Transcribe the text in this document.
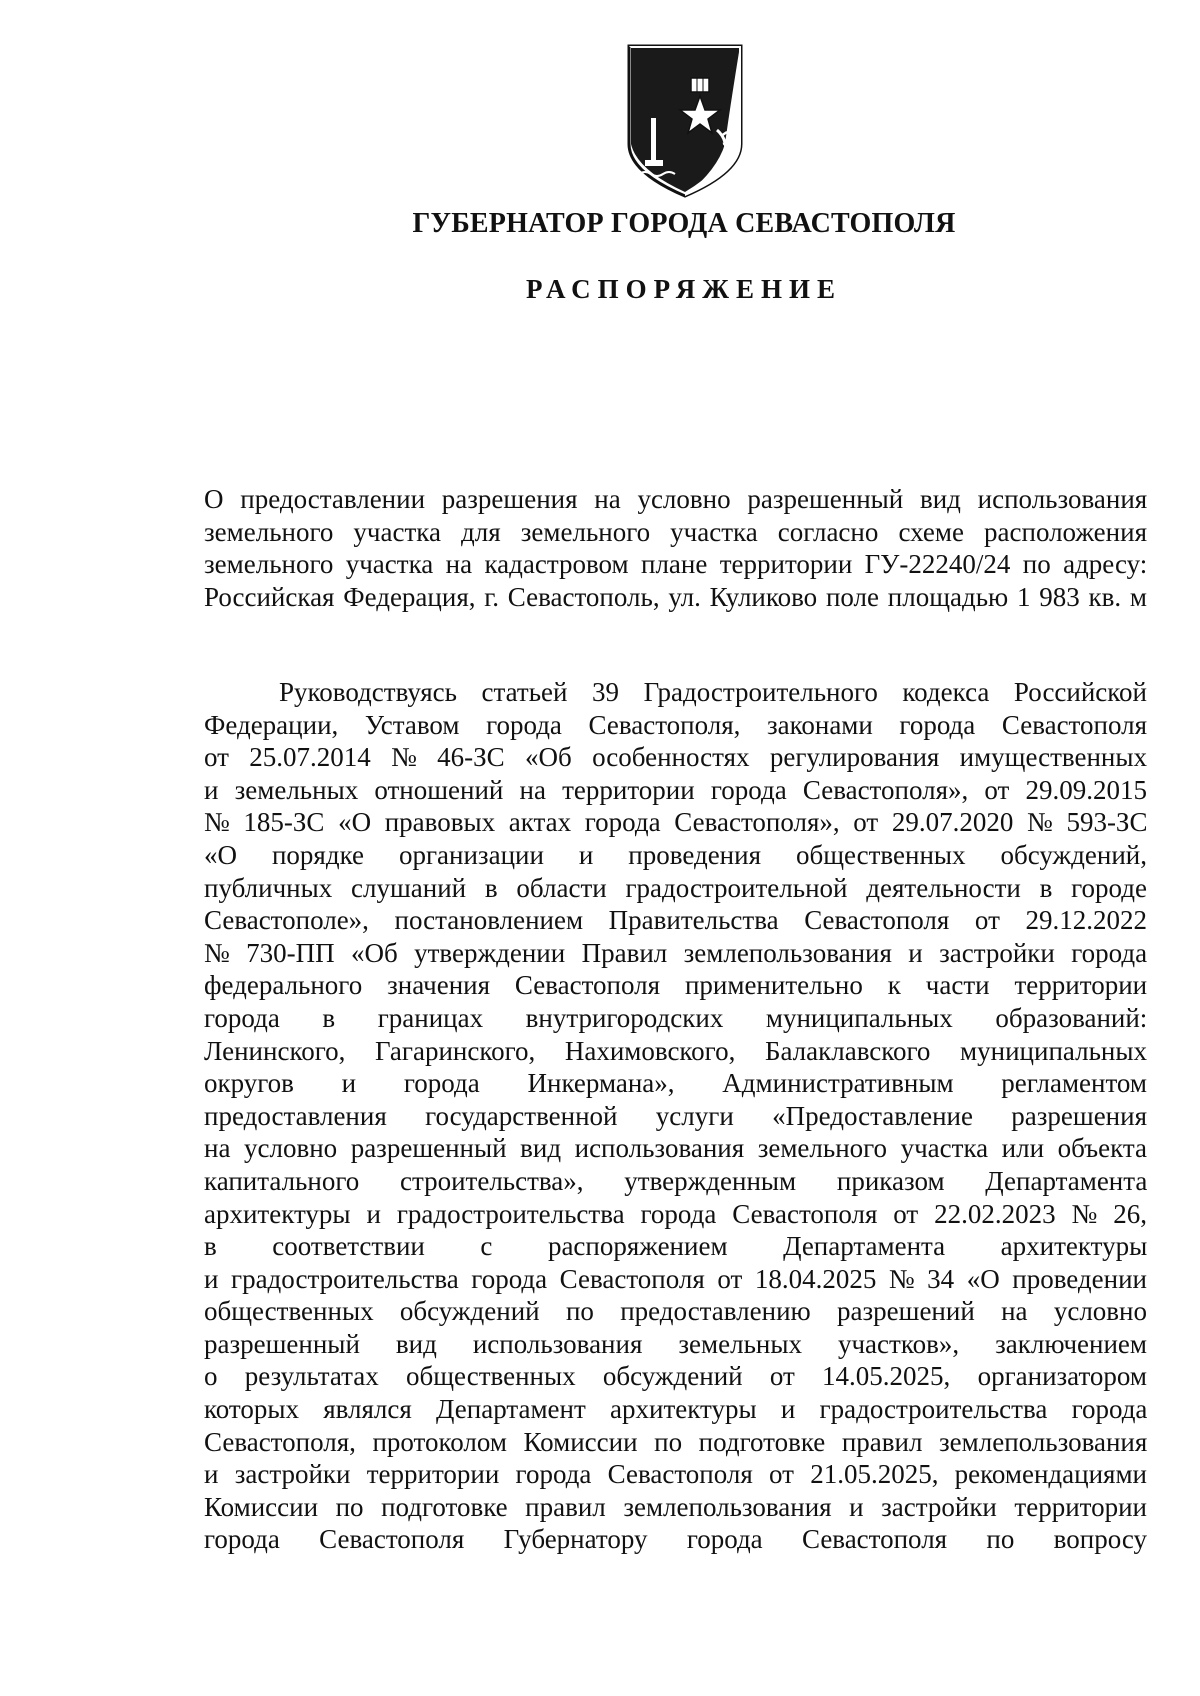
ГУБЕРНАТОР ГОРОДА СЕВАСТОПОЛЯ
РАСПОРЯЖЕНИЕ
О предоставлении разрешения на условно разрешенный вид использования
земельного участка для земельного участка согласно схеме расположения
земельного участка на кадастровом плане территории ГУ-22240/24 по адресу:
Российская Федерация, г. Севастополь, ул. Куликово поле площадью 1 983 кв. м
Руководствуясь статьей 39 Градостроительного кодекса Российской
Федерации, Уставом города Севастополя, законами города Севастополя
от 25.07.2014 № 46-ЗС «Об особенностях регулирования имущественных
и земельных отношений на территории города Севастополя», от 29.09.2015
№ 185-ЗС «О правовых актах города Севастополя», от 29.07.2020 № 593-ЗС
«О порядке организации и проведения общественных обсуждений,
публичных слушаний в области градостроительной деятельности в городе
Севастополе», постановлением Правительства Севастополя от 29.12.2022
№ 730-ПП «Об утверждении Правил землепользования и застройки города
федерального значения Севастополя применительно к части территории
города в границах внутригородских муниципальных образований:
Ленинского, Гагаринского, Нахимовского, Балаклавского муниципальных
округов и города Инкермана», Административным регламентом
предоставления государственной услуги «Предоставление разрешения
на условно разрешенный вид использования земельного участка или объекта
капитального строительства», утвержденным приказом Департамента
архитектуры и градостроительства города Севастополя от 22.02.2023 № 26,
в соответствии с распоряжением Департамента архитектуры
и градостроительства города Севастополя от 18.04.2025 № 34 «О проведении
общественных обсуждений по предоставлению разрешений на условно
разрешенный вид использования земельных участков», заключением
о результатах общественных обсуждений от 14.05.2025, организатором
которых являлся Департамент архитектуры и градостроительства города
Севастополя, протоколом Комиссии по подготовке правил землепользования
и застройки территории города Севастополя от 21.05.2025, рекомендациями
Комиссии по подготовке правил землепользования и застройки территории
города Севастополя Губернатору города Севастополя по вопросу
